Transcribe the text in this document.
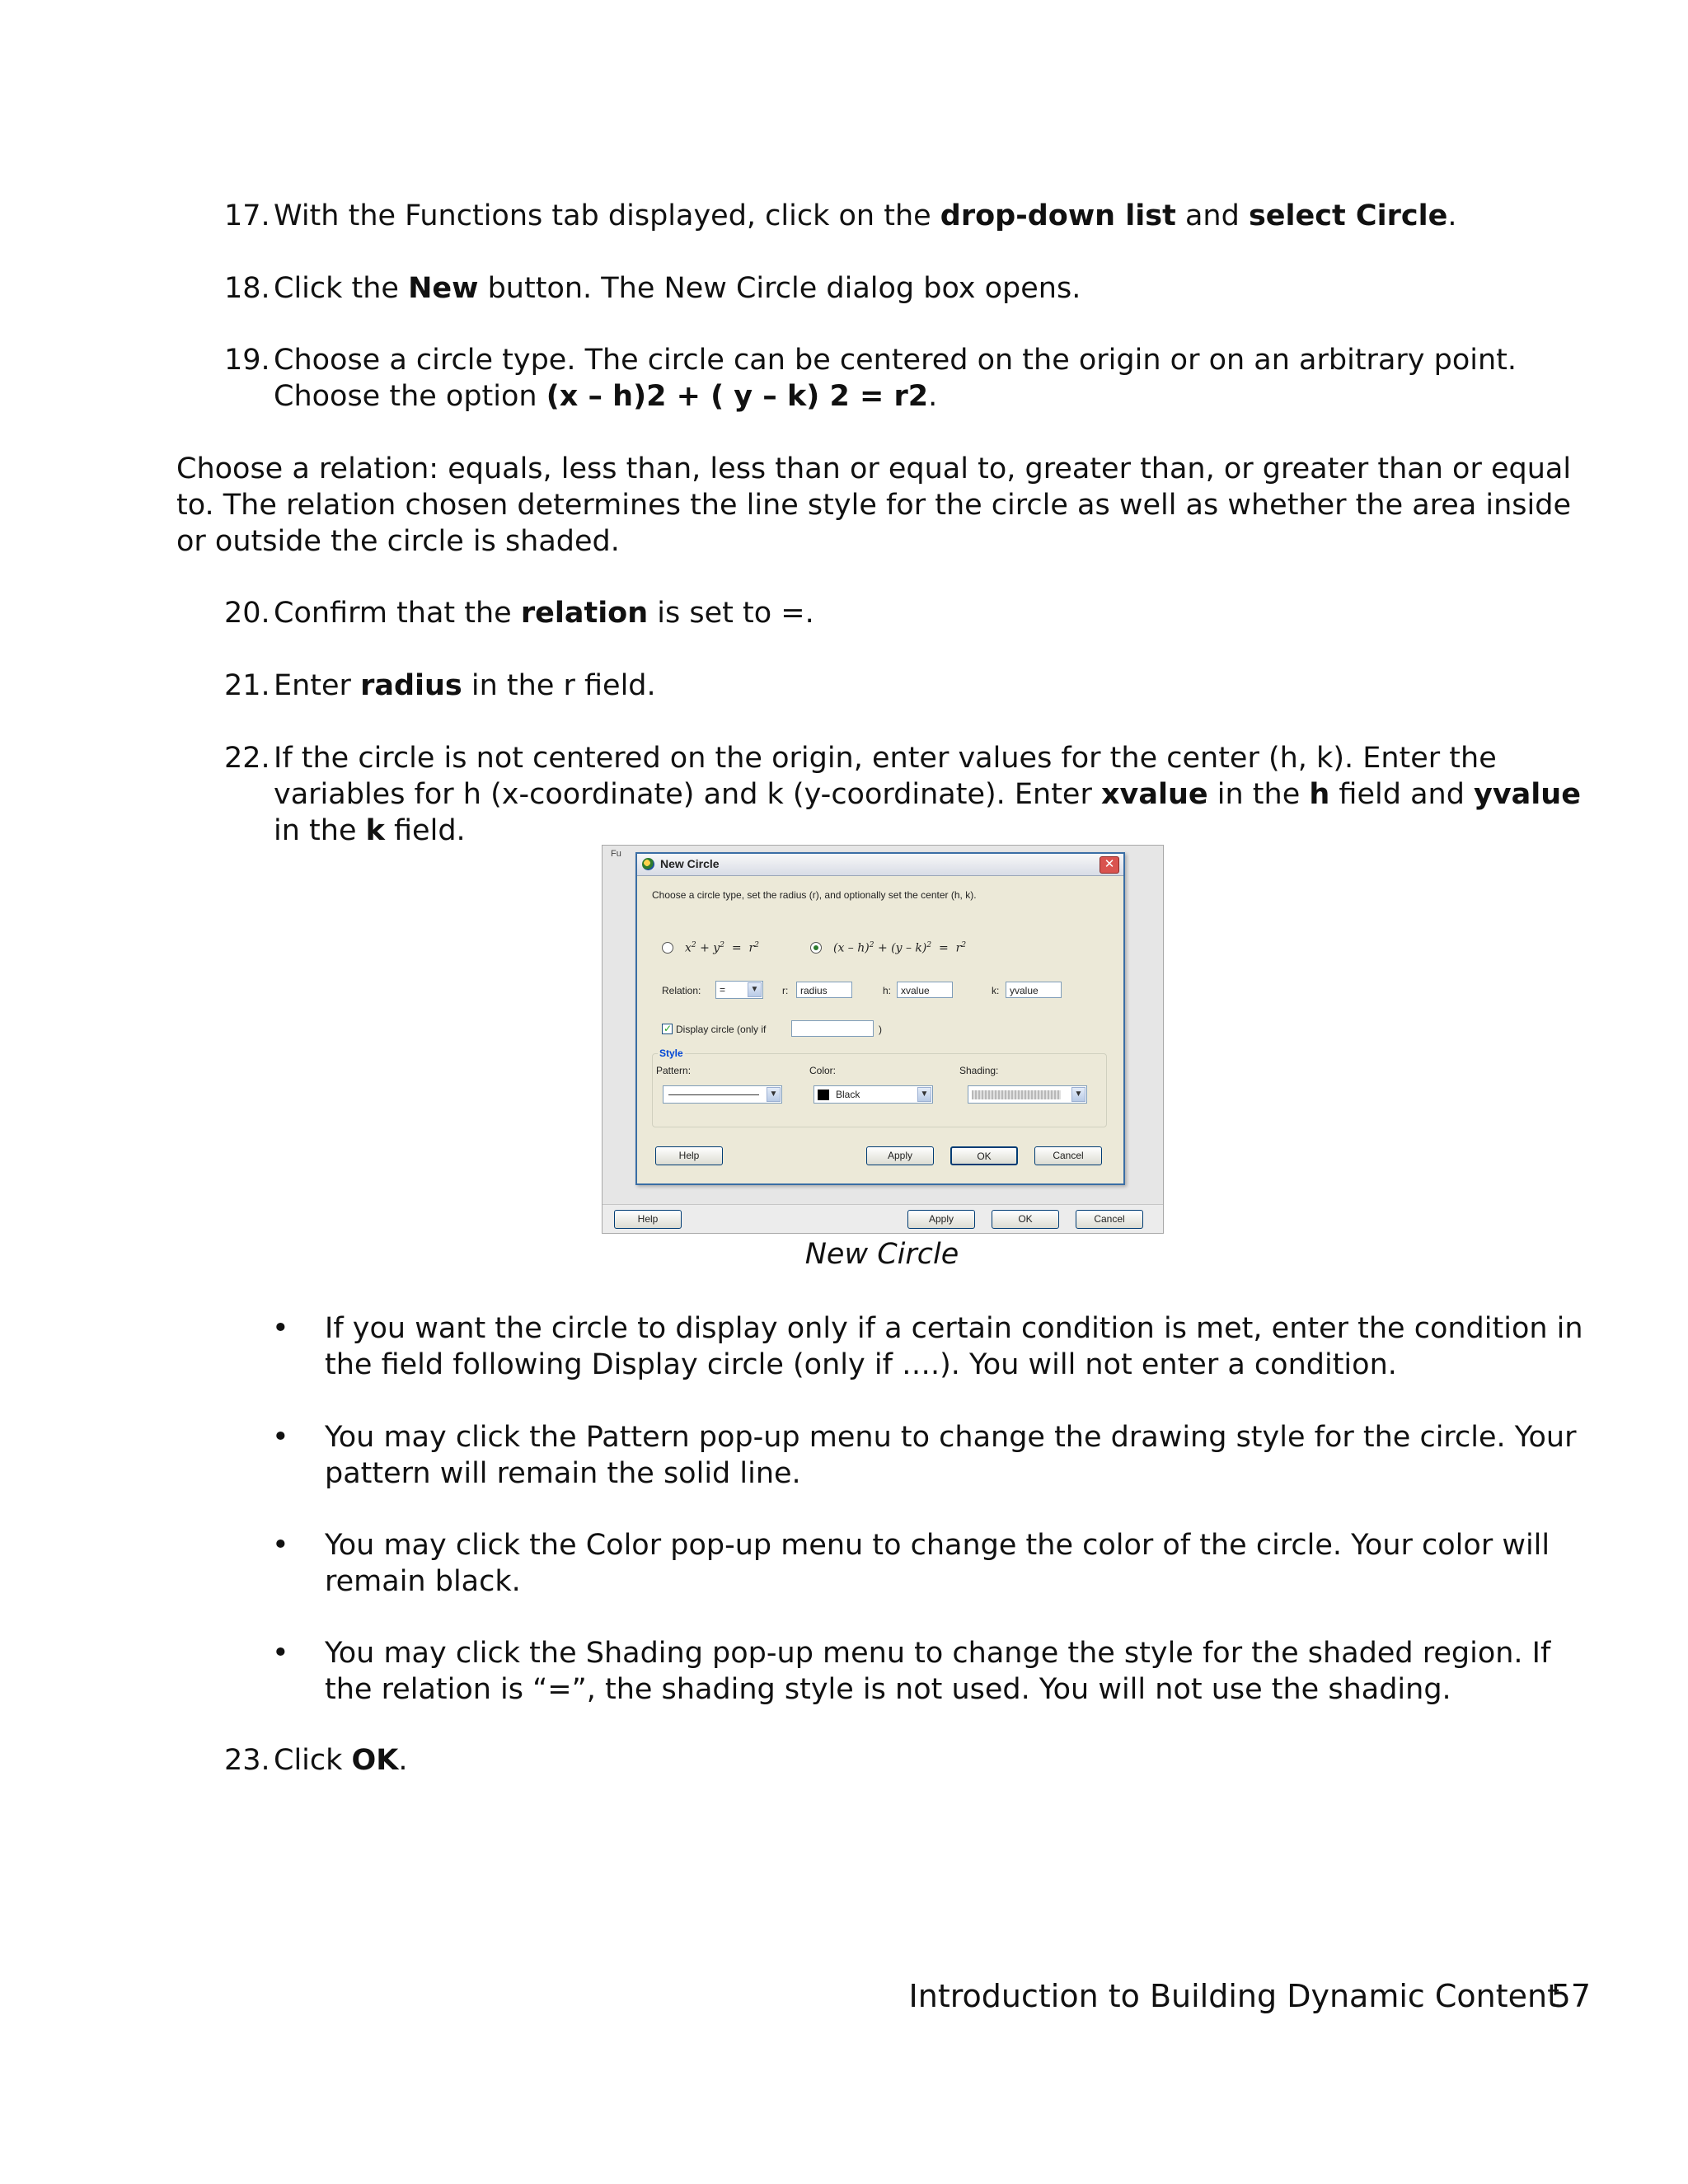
17. With the Functions tab displayed, click on the drop-down list and select Circle.
18. Click the New button. The New Circle dialog box opens.
19. Choose a circle type. The circle can be centered on the origin or on an arbitrary point. Choose the option (x – h)2 + ( y – k) 2 = r2.
Choose a relation: equals, less than, less than or equal to, greater than, or greater than or equal to. The relation chosen determines the line style for the circle as well as whether the area inside or outside the circle is shaded.
20. Confirm that the relation is set to =.
21. Enter radius in the r field.
22. If the circle is not centered on the origin, enter values for the center (h, k). Enter the variables for h (x-coordinate) and k (y-coordinate). Enter xvalue in the h field and yvalue in the k field.
Fu
New Circle	✕
Choose a circle type, set the radius (r), and optionally set the center (h, k).
$x^2 + y^2 = r^2$	$(x - h)^2 + (y - k)^2 = r^2$
Relation:	=	▼ r:	radius	h: xvalue	k:	yvalue
✓ Display circle (only if	)
Style
Pattern:
▼
Color:
Black	▼
Shading:
▼
Help	Apply	OK	Cancel
Help	Apply	OK	Cancel
New Circle
• If you want the circle to display only if a certain condition is met, enter the condition in the field following Display circle (only if ….). You will not enter a condition.
• You may click the Pattern pop-up menu to change the drawing style for the circle. Your pattern will remain the solid line.
• You may click the Color pop-up menu to change the color of the circle. Your color will remain black.
• You may click the Shading pop-up menu to change the style for the shaded region. If the relation is “=”, the shading style is not used. You will not use the shading.
23. Click OK.
Introduction to Building Dynamic Content
57
